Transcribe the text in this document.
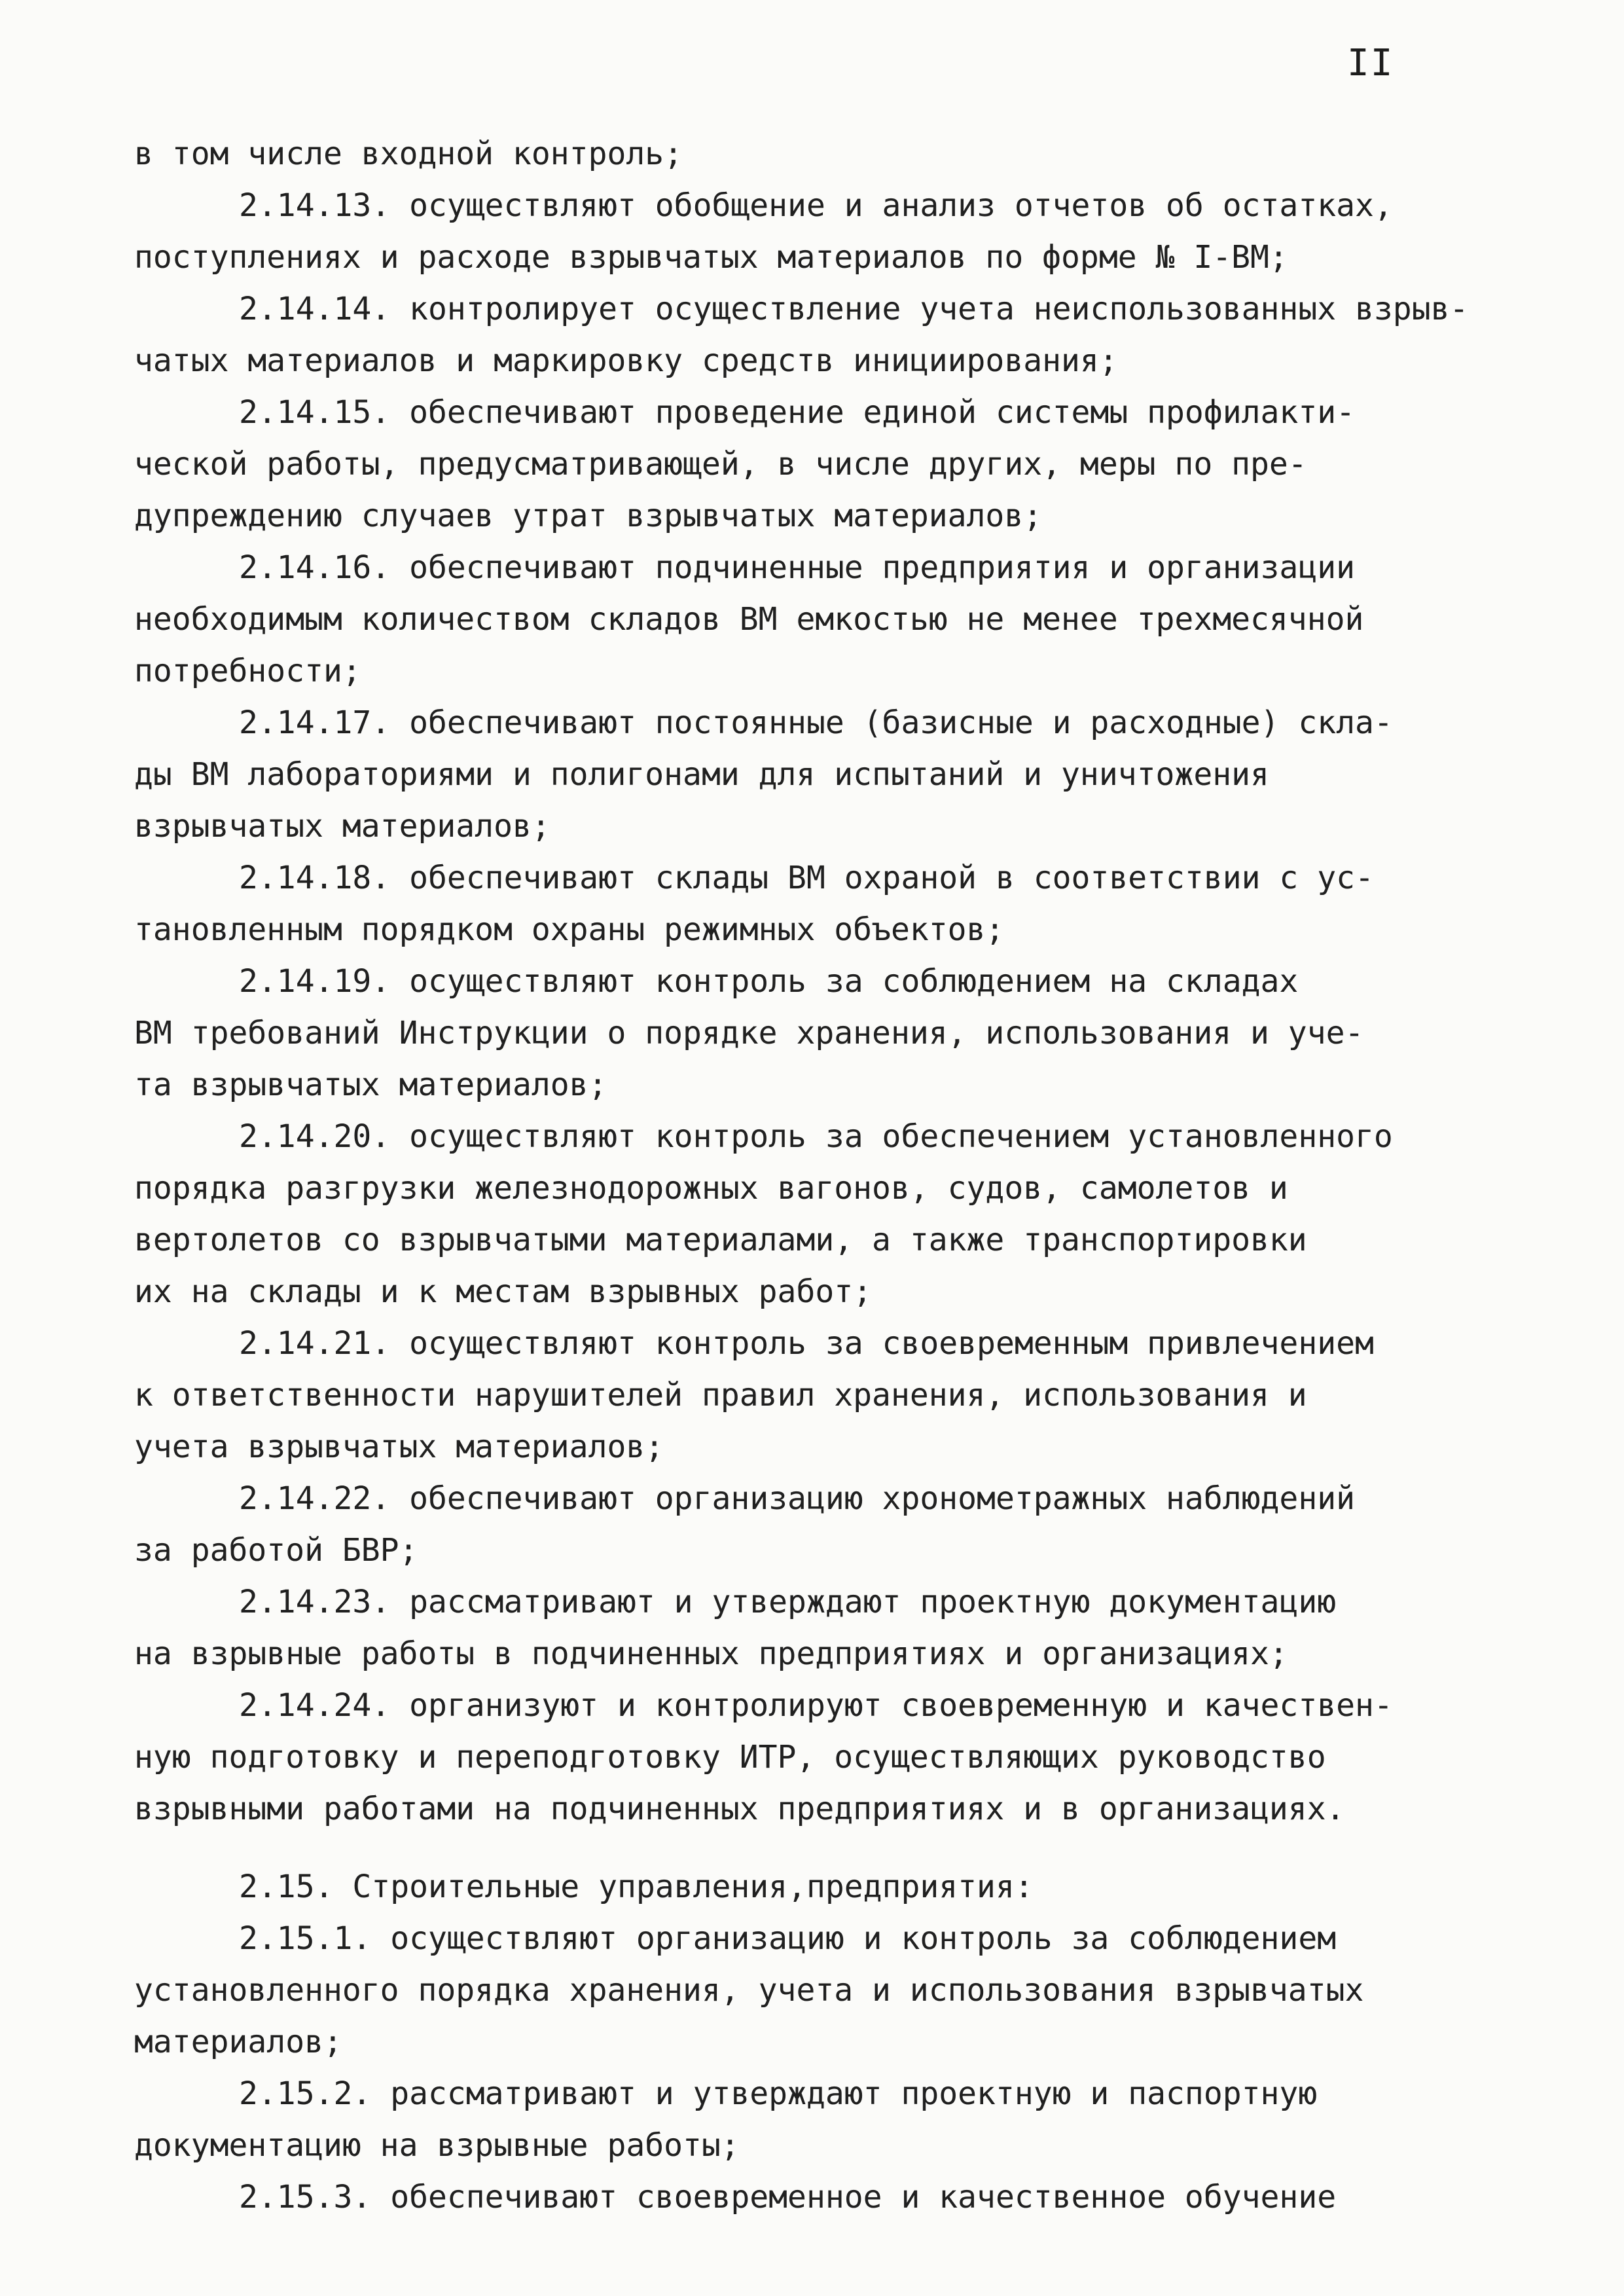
II
в том числе входной контроль;
2.14.13. осуществляют обобщение и анализ отчетов об остатках,
поступлениях и расходе взрывчатых материалов по форме № I-ВМ;
2.14.14. контролирует осуществление учета неиспользованных взрыв-
чатых материалов и маркировку средств инициирования;
2.14.15. обеспечивают проведение единой системы профилакти-
ческой работы, предусматривающей, в числе других, меры по пре-
дупреждению случаев утрат взрывчатых материалов;
2.14.16. обеспечивают подчиненные предприятия и организации
необходимым количеством складов ВМ емкостью не менее трехмесячной
потребности;
2.14.17. обеспечивают постоянные (базисные и расходные) скла-
ды ВМ лабораториями и полигонами для испытаний и уничтожения
взрывчатых материалов;
2.14.18. обеспечивают склады ВМ охраной в соответствии с ус-
тановленным порядком охраны режимных объектов;
2.14.19. осуществляют контроль за соблюдением на складах
ВМ требований Инструкции о порядке хранения, использования и уче-
та взрывчатых материалов;
2.14.20. осуществляют контроль за обеспечением установленного
порядка разгрузки железнодорожных вагонов, судов, самолетов и
вертолетов со взрывчатыми материалами, а также транспортировки
их на склады и к местам взрывных работ;
2.14.21. осуществляют контроль за своевременным привлечением
к ответственности нарушителей правил хранения, использования и
учета взрывчатых материалов;
2.14.22. обеспечивают организацию хронометражных наблюдений
за работой БВР;
2.14.23. рассматривают и утверждают проектную документацию
на взрывные работы в подчиненных предприятиях и организациях;
2.14.24. организуют и контролируют своевременную и качествен-
ную подготовку и переподготовку ИТР, осуществляющих руководство
взрывными работами на подчиненных предприятиях и в организациях.
2.15. Строительные управления,предприятия:
2.15.1. осуществляют организацию и контроль за соблюдением
установленного порядка хранения, учета и использования взрывчатых
материалов;
2.15.2. рассматривают и утверждают проектную и паспортную
документацию на взрывные работы;
2.15.3. обеспечивают своевременное и качественное обучение
